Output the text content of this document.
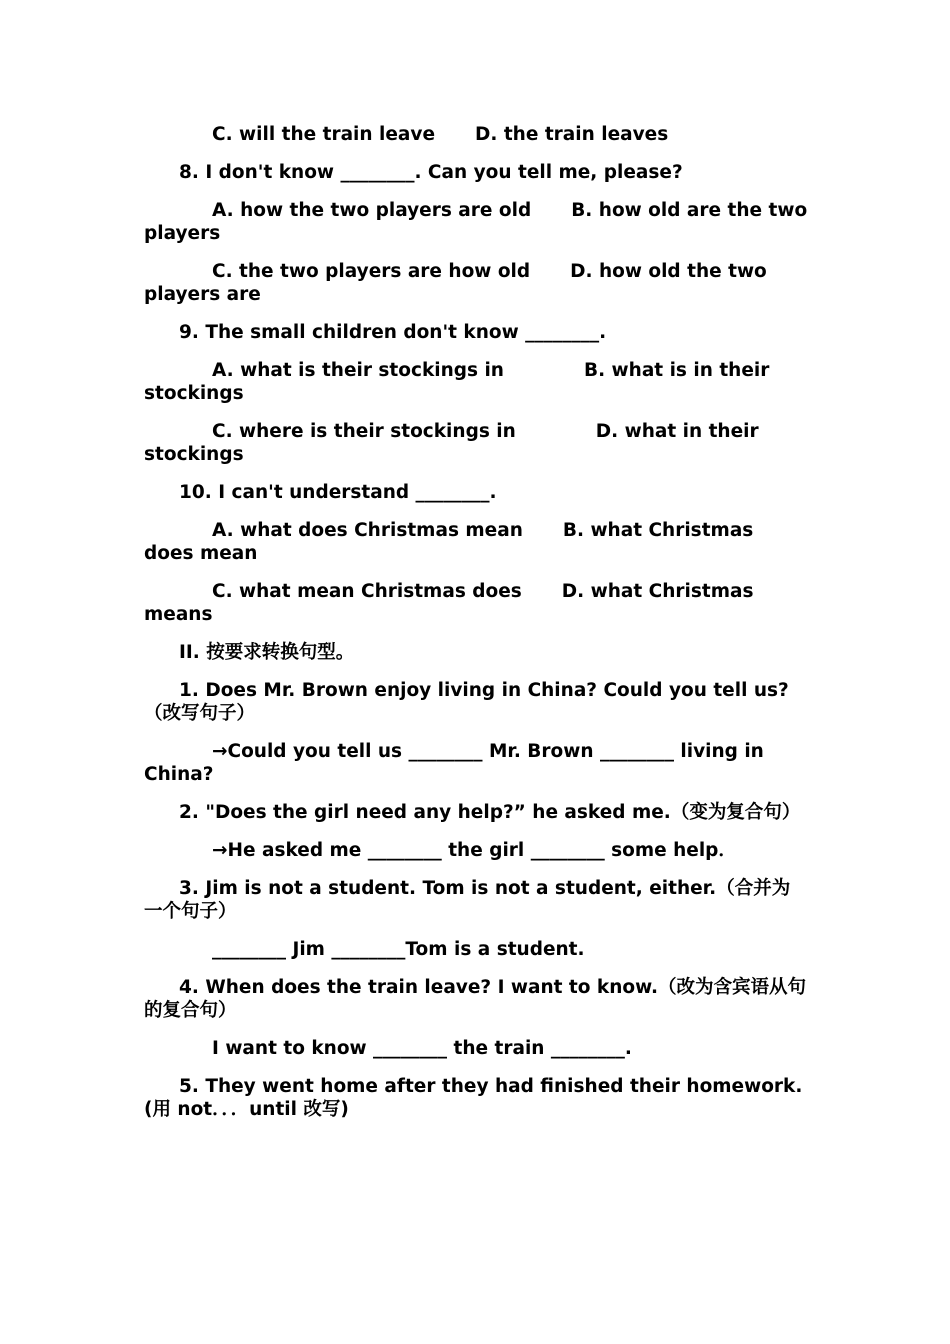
C. will the train leave D. the train leaves

8. I don't know ________. Can you tell me, please?

A. how the two players are old B. how old are the two players

C. the two players are how old D. how old the two players are

9. The small children don't know ________.

A. what is their stockings in	B. what is in their stockings

C. where is their stockings in	D. what in their stockings

10. I can't understand ________.

A. what does Christmas mean B. what Christmas does mean

C. what mean Christmas does D. what Christmas means

II. 按要求转换句型。

1. Does Mr. Brown enjoy living in China? Could you tell us?（改写句子）

→Could you tell us ________ Mr. Brown ________ living in China?

2. "Does the girl need any help?” he asked me.（变为复合句）

→He asked me ________ the girl ________ some help．

3. Jim is not a student. Tom is not a student, either.（合并为一个句子）

________ Jim ________Tom is a student.

4. When does the train leave? I want to know.（改为含宾语从句的复合句）

I want to know ________ the train ________.

5. They went home after they had finished their homework. (用 not．．．until 改写)
